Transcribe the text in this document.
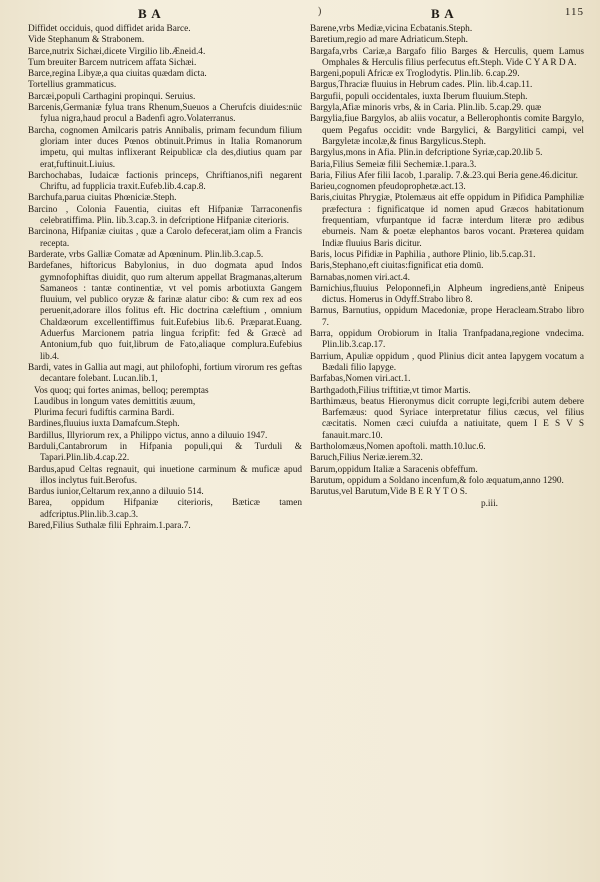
B A	)	B A	115

Diffidet occiduis, quod diffidet arida Barce.

Vide Stephanum & Strabonem.

Barce,nutrix Sichæi,dicete Virgilio lib.Æneid.4.

Tum breuiter Barcem nutricem affata Sichæi.

Barce,regina Libyæ,a qua ciuitas quædam dicta.

Tortellius grammaticus.

Barcæi,populi Carthagini propinqui. Seruius.

Barcenis,Germaniæ fylua trans Rhenum,Sueuos a Cherufcis diuides:nüc fylua nigra,haud procul a Badenfi agro.Volaterranus.

Barcha, cognomen Amilcaris patris Annibalis, primam fecundum filium gloriam inter duces Pœnos obtinuit.Primus in Italia Romanorum impetu, qui multas inflixerant Reipublicæ cla des,diutius quam par erat,fuftinuit.Liuius.

Barchochabas, Iudaicæ factionis princeps, Chriftianos,nifi negarent Chriftu, ad fupplicia traxit.Eufeb.lib.4.cap.8.

Barchufa,parua ciuitas Phœniciæ.Steph.

Barcino , Colonia Fauentia, ciuitas eft Hifpaniæ Tarraconenfis celebratiffima. Plin. lib.3.cap.3. in defcriptione Hifpaniæ citerioris.

Barcinona, Hifpaniæ ciuitas , quæ a Carolo defecerat,iam olim a Francis recepta.

Barderate, vrbs Galliæ Comatæ ad Apœninum. Plin.lib.3.cap.5.

Bardefanes, hiftoricus Babylonius, in duo dogmata apud Indos gymnofophiftas diuidit, quo rum alterum appellat Bragmanas,alterum Samaneos : tantæ continentiæ, vt vel pomis arbotiuxta Gangem fluuium, vel publico oryzæ & farinæ alatur cibo: & cum rex ad eos peruenit,adorare illos folitus eft. Hic doctrina cæleftium , omnium Chaldæorum excellentiffimus fuit.Eufebius lib.6. Præparat.Euang. Aduerfus Marcionem patria lingua fcripfit: fed & Græcè ad Antonium,fub quo fuit,librum de Fato,aliaque complura.Eufebius lib.4.

Bardi, vates in Gallia aut magi, aut philofophi, fortium virorum res geftas decantare folebant. Lucan.lib.1,

Vos quoq; qui fortes animas, belloq; peremptas

Laudibus in longum vates demittitis æuum,

Plurima fecuri fudiftis carmina Bardi.

Bardines,fluuius iuxta Damafcum.Steph.

Bardillus, Illyriorum rex, a Philippo victus, anno a diluuio 1947.

Barduli,Cantabrorum in Hifpania populi,qui & Turduli & Tapari.Plin.lib.4.cap.22.

Bardus,apud Celtas regnauit, qui inuetione carminum & muficæ apud illos inclytus fuit.Berofus.

Bardus iunior,Celtarum rex,anno a diluuio 514.

Barea, oppidum Hifpaniæ citerioris, Bæticæ tamen adfcriptus.Plin.lib.3.cap.3.

Bared,Filius Suthalæ filii Ephraim.1.para.7.

Barene,vrbs Mediæ,vicina Ecbatanis.Steph.

Baretium,regio ad mare Adriaticum.Steph.

Bargafa,vrbs Cariæ,a Bargafo filio Barges & Herculis, quem Lamus Omphales & Herculis filius perfecutus eft.Steph. Vide C Y A R D A.

Bargeni,populi Africæ ex Troglodytis. Plin.lib. 6.cap.29.

Bargus,Thraciæ fluuius in Hebrum cades. Plin. lib.4.cap.11.

Bargufii, populi occidentales, iuxta Iberum fluuium.Steph.

Bargyla,Afiæ minoris vrbs, & in Caria. Plin.lib. 5.cap.29. quæ

Bargylia,fiue Bargylos, ab aliis vocatur, a Bellerophontis comite Bargylo, quem Pegafus occidit: vnde Bargylici, & Bargylitici campi, vel Bargyletæ incolæ,& finus Bargylicus.Steph.

Bargylus,mons in Afia. Plin.in defcriptione Syriæ,cap.20.lib 5.

Baria,Filius Semeiæ filii Sechemiæ.1.para.3.

Baria, Filius Afer filii Iacob, 1.paralip. 7.&.23.qui Beria gene.46.dicitur.

Barieu,cognomen pfeudoprophetæ.act.13.

Baris,ciuitas Phrygiæ, Ptolemæus ait effe oppidum in Pifidica Pamphiliæ præfectura : fignificatque id nomen apud Græcos habitationum frequentiam, vfurpantque id facræ interdum literæ pro ædibus eburneis. Nam & poetæ elephantos baros vocant. Præterea quidam Indiæ fluuius Baris dicitur.

Baris, locus Pifidiæ in Paphilia , authore Plinio, lib.5.cap.31.

Baris,Stephano,eft ciuitas:fignificat etia domū.

Barnabas,nomen viri.act.4.

Barnichius,fluuius Peloponnefi,in Alpheum ingrediens,antè Enipeus dictus. Homerus in Odyff.Strabo libro 8.

Barnus, Barnutius, oppidum Macedoniæ, prope Heracleam.Strabo libro 7.

Barra, oppidum Orobiorum in Italia Tranfpadana,regione vndecima. Plin.lib.3.cap.17.

Barrium, Apuliæ oppidum , quod Plinius dicit antea Iapygem vocatum a Bædali filio Iapyge.

Barfabas,Nomen viri.act.1.

Barthgadoth,Filius triftitiæ,vt timor Martis.

Barthimæus, beatus Hieronymus dicit corrupte legi,fcribi autem debere Barfemæus: quod Syriace interpretatur filius cæcus, vel filius cæcitatis. Nomen cæci cuiufda a natiuitate, quem I E S V S fanauit.marc.10.

Bartholomæus,Nomen apoftoli. matth.10.luc.6.

Baruch,Filius Neriæ.ierem.32.

Barum,oppidum Italiæ a Saracenis obfeffum.

Barutum, oppidum a Soldano incenfum,& folo æquatum,anno 1290.

Barutus,vel Barutum,Vide B E R Y T O S.

p.iii.
